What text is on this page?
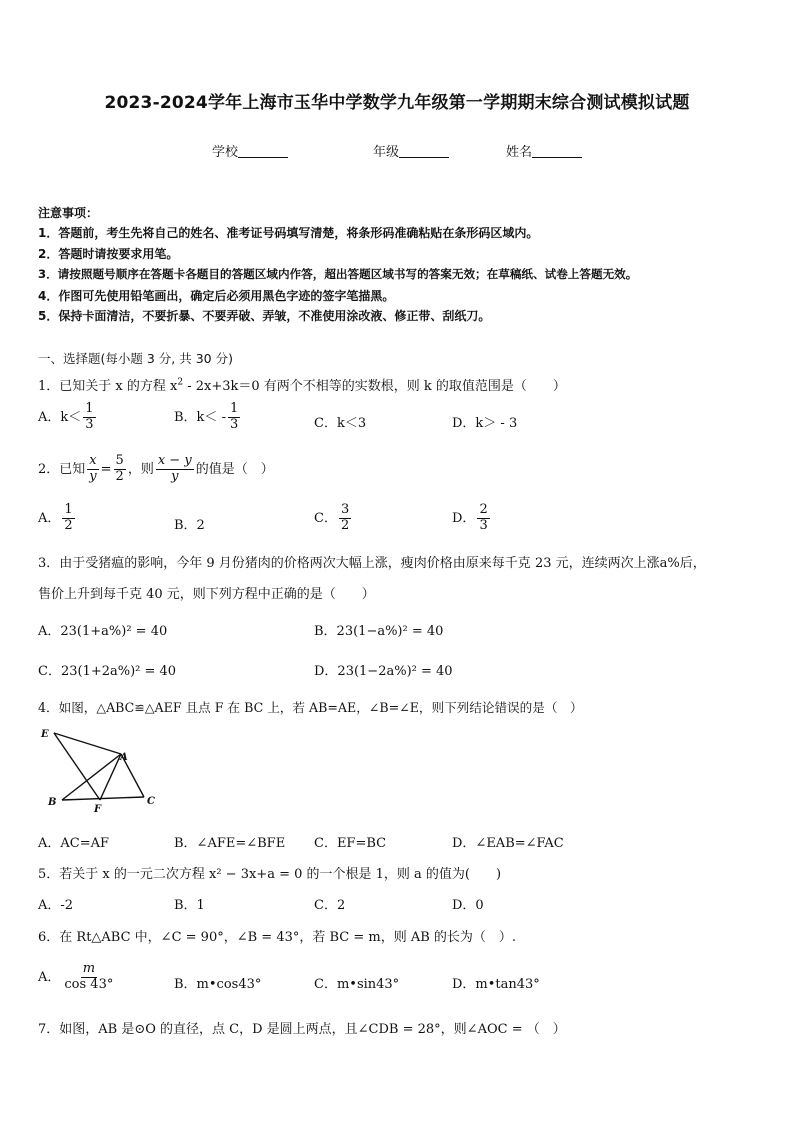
2023-2024学年上海市玉华中学数学九年级第一学期期末综合测试模拟试题
学校	年级	姓名
注意事项：
1．答题前，考生先将自己的姓名、准考证号码填写清楚，将条形码准确粘贴在条形码区域内。
2．答题时请按要求用笔。
3．请按照题号顺序在答题卡各题目的答题区域内作答，超出答题区域书写的答案无效；在草稿纸、试卷上答题无效。
4．作图可先使用铅笔画出，确定后必须用黑色字迹的签字笔描黑。
5．保持卡面清洁，不要折暴、不要弄破、弄皱，不准使用涂改液、修正带、刮纸刀。
一、选择题(每小题 3 分, 共 30 分)
1．已知关于 x 的方程 $x^2 - 2x+3k=0$ 有两个不相等的实数根，则 k 的取值范围是（　　）
A．$k< \frac{1}{3}$	B．$k< - \frac{1}{3}$	C．k＜3	D．k＞ - 3
2．已知 $\frac{x}{y} = \frac{5}{2}$ ，则 $\frac{x - y}{y}$ 的值是（　）
A． $\frac{1}{2}$	B．2	C． $\frac{3}{2}$	D． $\frac{2}{3}$
3．由于受猪瘟的影响，今年 9 月份猪肉的价格两次大幅上涨，瘦肉价格由原来每千克 23 元，连续两次上涨a%后，
售价上升到每千克 40 元，则下列方程中正确的是（　　）
A．23(1+a%)² = 40	B．23(1−a%)² = 40
C．23(1+2a%)² = 40	D．23(1−2a%)² = 40
4．如图，△ABC≌△AEF 且点 F 在 BC 上，若 AB=AE，∠B=∠E，则下列结论错误的是（　）
E
A
B
F
C
A．AC=AF	B．∠AFE=∠BFE C．EF=BC	D．∠EAB=∠FAC
5．若关于 x 的一元二次方程 x² − 3x+a = 0 的一个根是 1，则 a 的值为(　　)
A．-2	B．1	C．2	D．0
6．在 Rt△ABC 中，∠C = 90°，∠B = 43°，若 BC = m，则 AB 的长为（　）.
A． $\frac{m}{\cos 43^\circ}$	B．m•cos43°	C．m•sin43°	D．m•tan43°
7．如图，AB 是⊙O 的直径，点 C，D 是圆上两点，且∠CDB = 28°，则∠AOC = （　）
